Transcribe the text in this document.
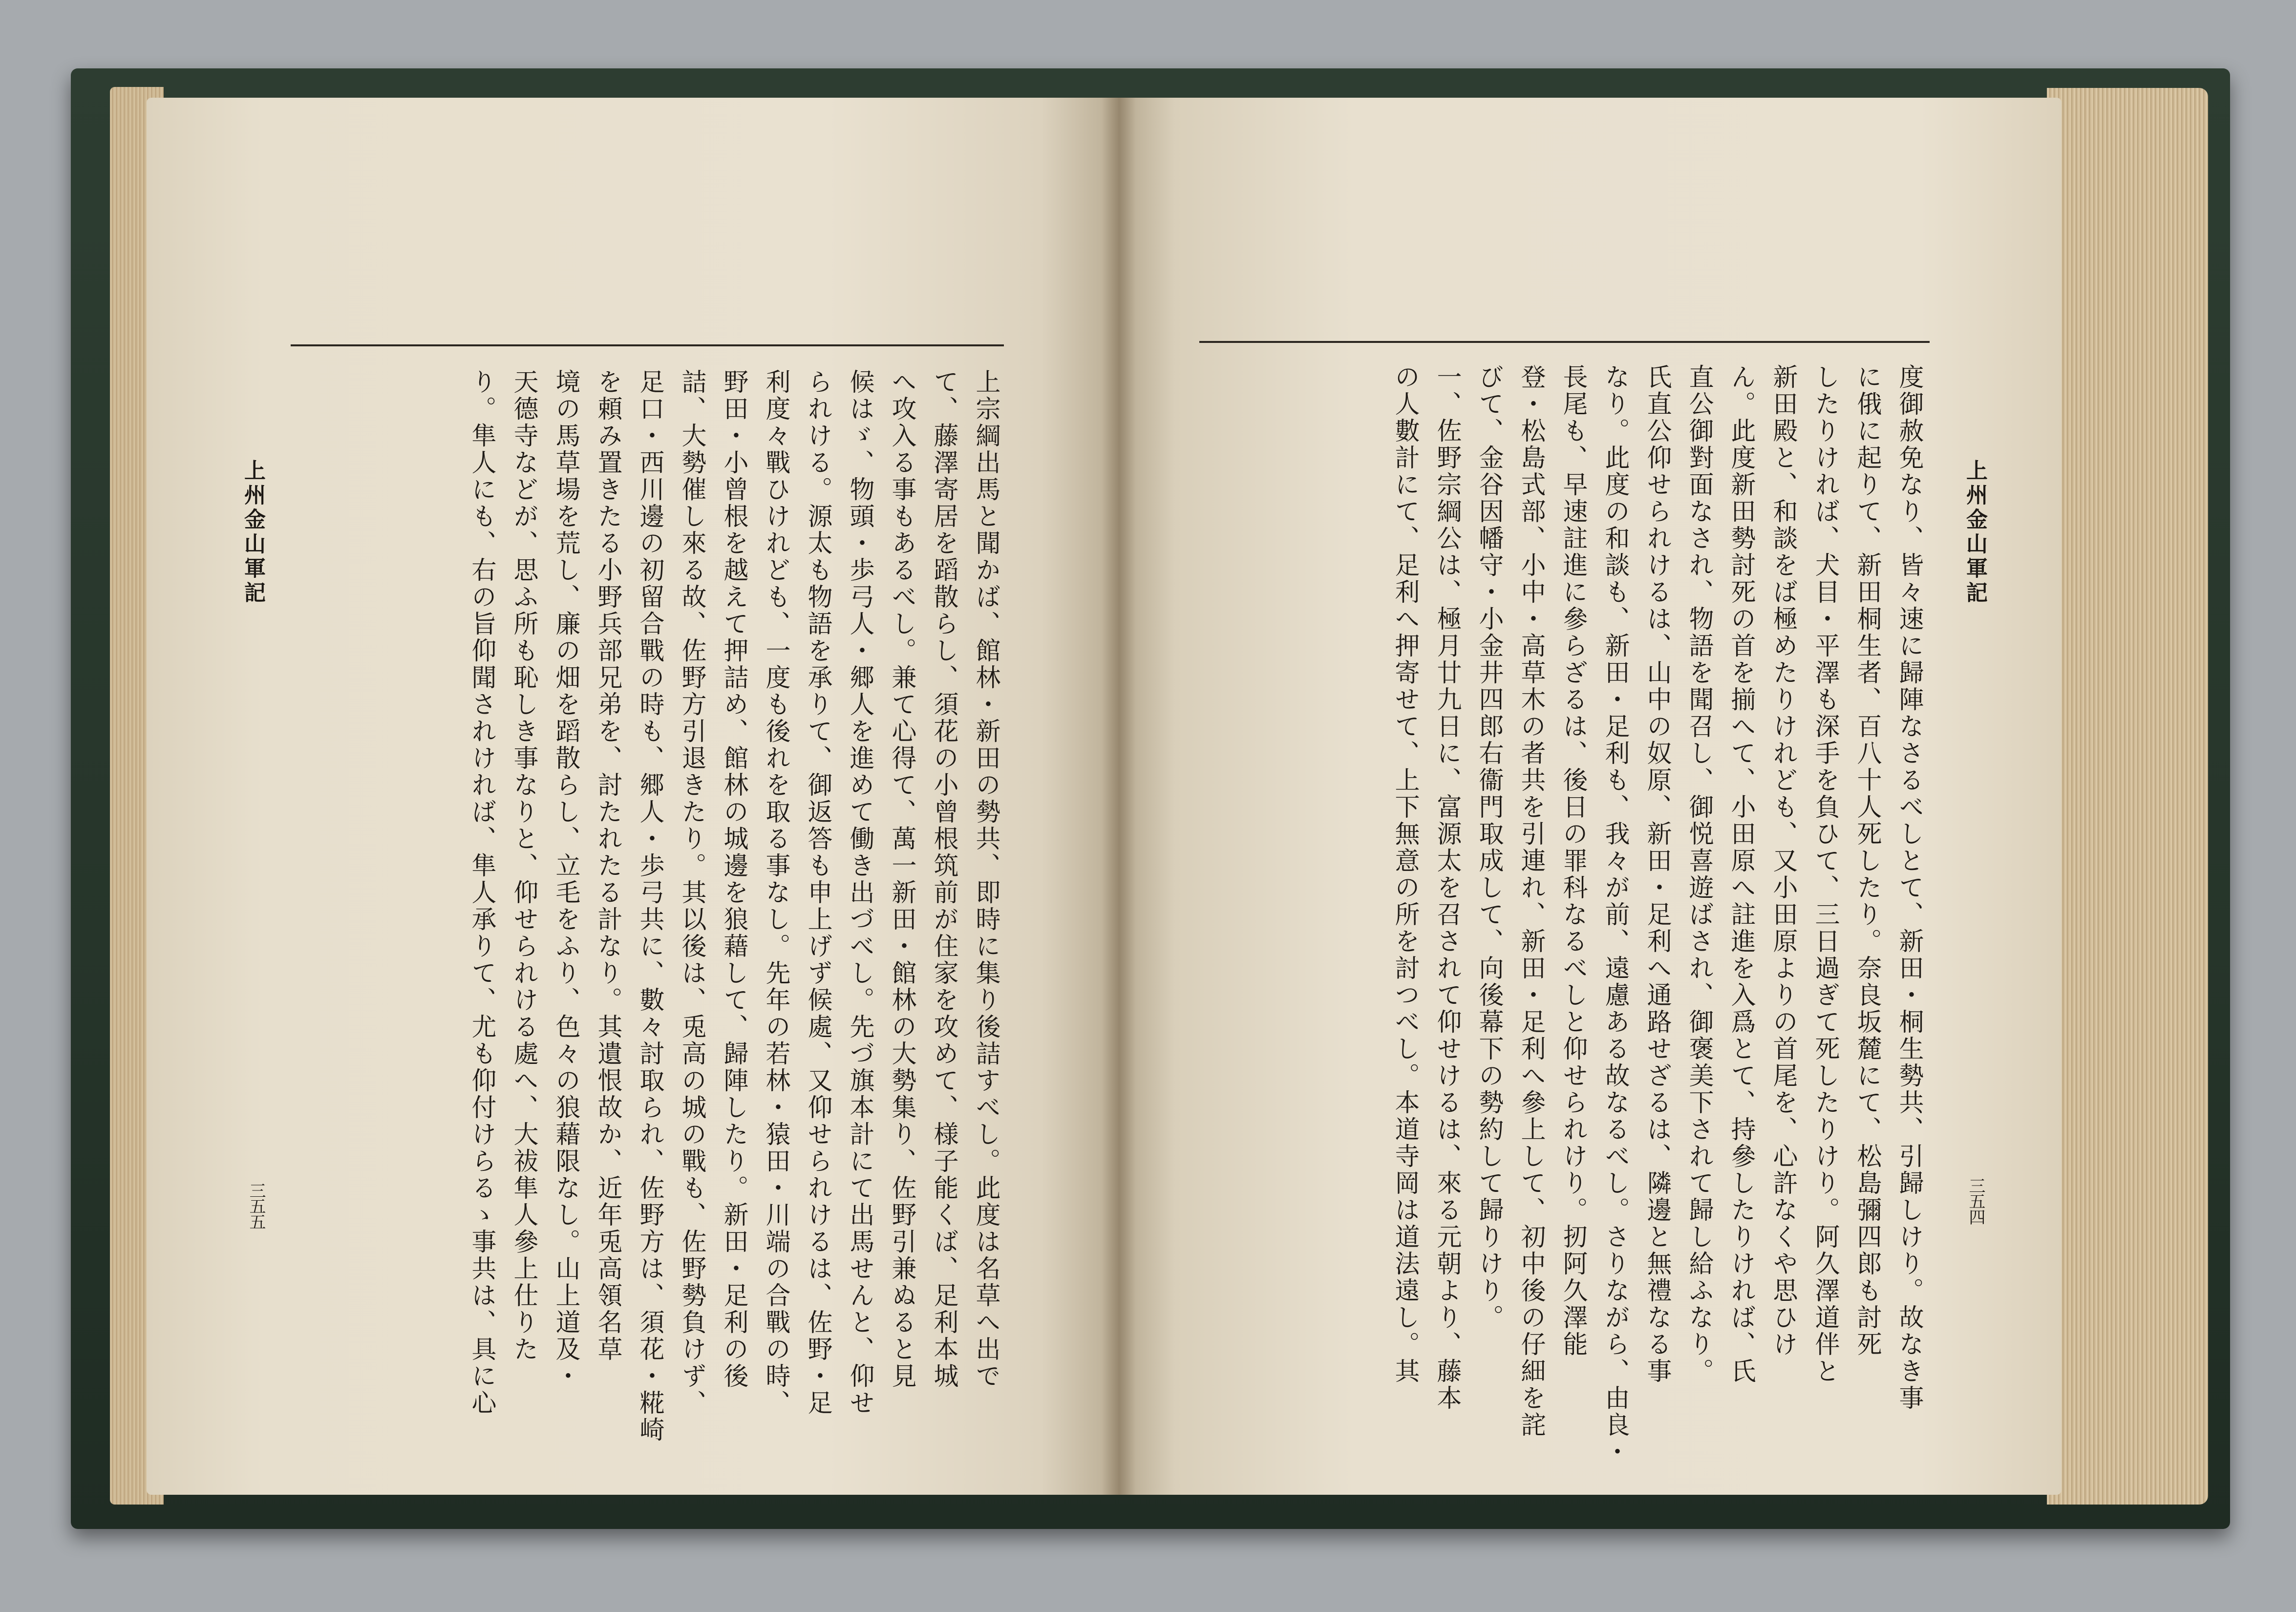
上州金山軍記
三五五	上宗綱出馬と聞かば、館林・新田の勢共、即時に集り後詰すべし。此度は名草へ出で
て、藤澤寄居を蹈散らし、須花の小曾根筑前が住家を攻めて、様子能くば、足利本城
へ攻入る事もあるべし。兼て心得て、萬一新田・館林の大勢集り、佐野引兼ぬると見
候はゞ、物頭・歩弓人・郷人を進めて働き出づべし。先づ旗本計にて出馬せんと、仰せ
られける。源太も物語を承りて、御返答も申上げず候處、又仰せられけるは、佐野・足
利度々戰ひけれども、一度も後れを取る事なし。先年の若林・猿田・川端の合戰の時、
野田・小曾根を越えて押詰め、館林の城邊を狼藉して、歸陣したり。新田・足利の後
詰、大勢催し來る故、佐野方引退きたり。其以後は、兎高の城の戰も、佐野勢負けず、
足口・西川邊の初留合戰の時も、郷人・歩弓共に、數々討取られ、佐野方は、須花・糀崎
を頼み置きたる小野兵部兄弟を、討たれたる計なり。其遺恨故か、近年兎高領名草
境の馬草場を荒し、廉の畑を蹈散らし、立毛をふり、色々の狼藉限なし。山上道及・
天德寺などが、思ふ所も恥しき事なりと、仰せられける處へ、大祓隼人參上仕りた
り。隼人にも、右の旨仰聞されければ、隼人承りて、尤も仰付けらるゝ事共は、具に心	上州金山軍記
三五四
度御赦免なり、皆々速に歸陣なさるべしとて、新田・桐生勢共、引歸しけり。故なき事
に俄に起りて、新田桐生者、百八十人死したり。奈良坂麓にて、松島彌四郎も討死
したりければ、犬目・平澤も深手を負ひて、三日過ぎて死したりけり。阿久澤道伴と
新田殿と、和談をば極めたりけれども、又小田原よりの首尾を、心許なくや思ひけ
ん。此度新田勢討死の首を揃へて、小田原へ註進を入爲とて、持參したりければ、氏
直公御對面なされ、物語を聞召し、御悦喜遊ばされ、御褒美下されて歸し給ふなり。
氏直公仰せられけるは、山中の奴原、新田・足利へ通路せざるは、隣邊と無禮なる事
なり。此度の和談も、新田・足利も、我々が前、遠慮ある故なるべし。さりながら、由良・
長尾も、早速註進に參らざるは、後日の罪科なるべしと仰せられけり。扨阿久澤能
登・松島式部、小中・高草木の者共を引連れ、新田・足利へ參上して、初中後の仔細を詫
びて、金谷因幡守・小金井四郎右衞門取成して、向後幕下の勢約して歸りけり。
一、佐野宗綱公は、極月廿九日に、富源太を召されて仰せけるは、來る元朝より、藤本
の人數計にて、足利へ押寄せて、上下無意の所を討つべし。本道寺岡は道法遠し。其
